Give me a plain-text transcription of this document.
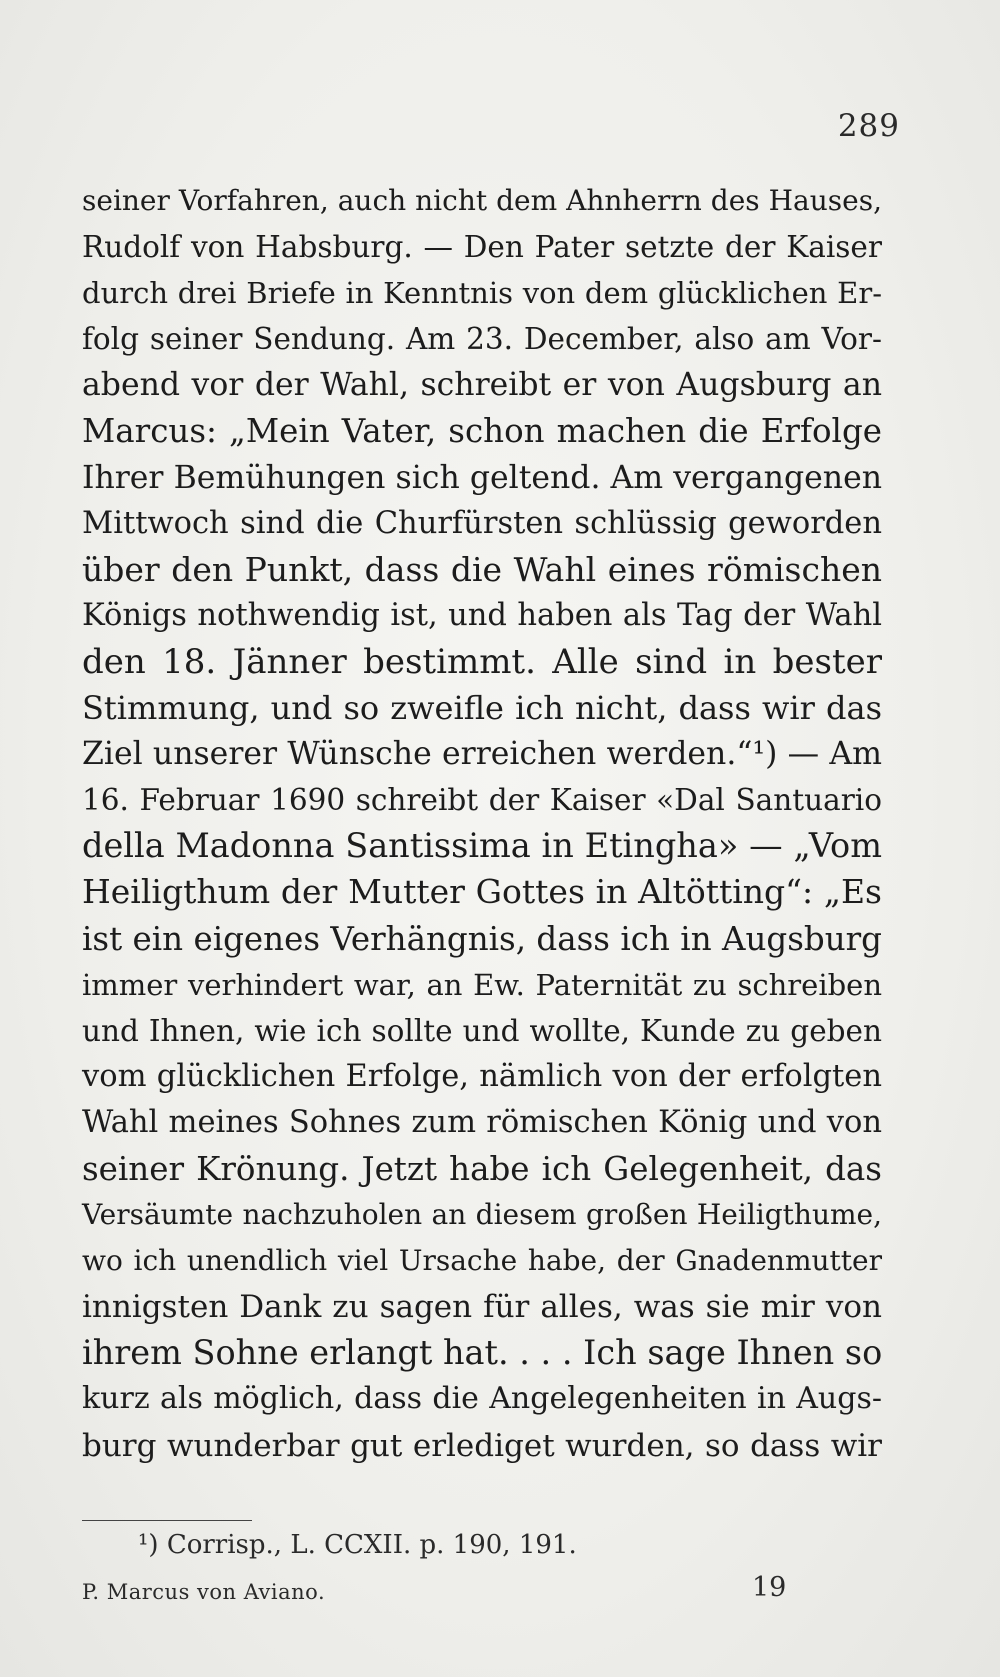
289
seiner Vorfahren, auch nicht dem Ahnherrn des Hauses,
Rudolf von Habsburg. — Den Pater setzte der Kaiser
durch drei Briefe in Kenntnis von dem glücklichen Er-
folg seiner Sendung. Am 23. December, also am Vor-
abend vor der Wahl, schreibt er von Augsburg an
Marcus: „Mein Vater, schon machen die Erfolge
Ihrer Bemühungen sich geltend. Am vergangenen
Mittwoch sind die Churfürsten schlüssig geworden
über den Punkt, dass die Wahl eines römischen
Königs nothwendig ist, und haben als Tag der Wahl
den 18. Jänner bestimmt. Alle sind in bester
Stimmung, und so zweifle ich nicht, dass wir das
Ziel unserer Wünsche erreichen werden.“¹) — Am
16. Februar 1690 schreibt der Kaiser «Dal Santuario
della Madonna Santissima in Etingha» — „Vom
Heiligthum der Mutter Gottes in Altötting“: „Es
ist ein eigenes Verhängnis, dass ich in Augsburg
immer verhindert war, an Ew. Paternität zu schreiben
und Ihnen, wie ich sollte und wollte, Kunde zu geben
vom glücklichen Erfolge, nämlich von der erfolgten
Wahl meines Sohnes zum römischen König und von
seiner Krönung. Jetzt habe ich Gelegenheit, das
Versäumte nachzuholen an diesem großen Heiligthume,
wo ich unendlich viel Ursache habe, der Gnadenmutter
innigsten Dank zu sagen für alles, was sie mir von
ihrem Sohne erlangt hat. . . . Ich sage Ihnen so
kurz als möglich, dass die Angelegenheiten in Augs-
burg wunderbar gut erlediget wurden, so dass wir
¹) Corrisp., L. CCXII. p. 190, 191.
P. Marcus von Aviano.	19
